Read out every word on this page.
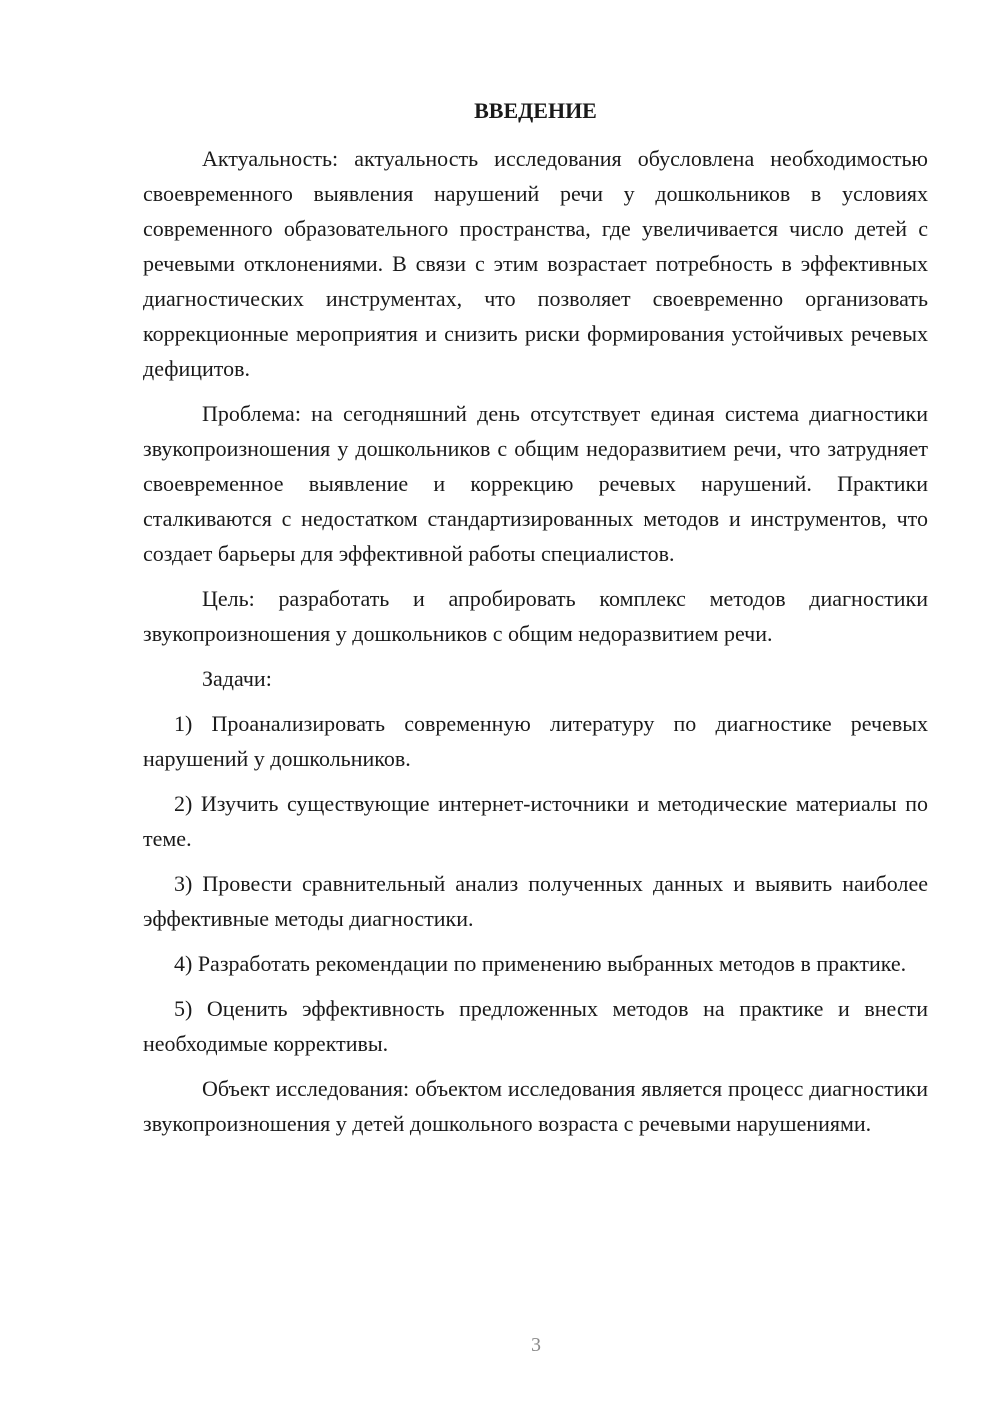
ВВЕДЕНИЕ

Актуальность: актуальность исследования обусловлена необходимостью своевременного выявления нарушений речи у дошкольников в условиях современного образовательного пространства, где увеличивается число детей с речевыми отклонениями. В связи с этим возрастает потребность в эффективных диагностических инструментах, что позволяет своевременно организовать коррекционные мероприятия и снизить риски формирования устойчивых речевых дефицитов.

Проблема: на сегодняшний день отсутствует единая система диагностики звукопроизношения у дошкольников с общим недоразвитием речи, что затрудняет своевременное выявление и коррекцию речевых нарушений. Практики сталкиваются с недостатком стандартизированных методов и инструментов, что создает барьеры для эффективной работы специалистов.

Цель: разработать и апробировать комплекс методов диагностики звукопроизношения у дошкольников с общим недоразвитием речи.

Задачи:

1) Проанализировать современную литературу по диагностике речевых нарушений у дошкольников.

2) Изучить существующие интернет-источники и методические материалы по теме.

3) Провести сравнительный анализ полученных данных и выявить наиболее эффективные методы диагностики.

4) Разработать рекомендации по применению выбранных методов в практике.

5) Оценить эффективность предложенных методов на практике и внести необходимые коррективы.

Объект исследования: объектом исследования является процесс диагностики звукопроизношения у детей дошкольного возраста с речевыми нарушениями.

3
